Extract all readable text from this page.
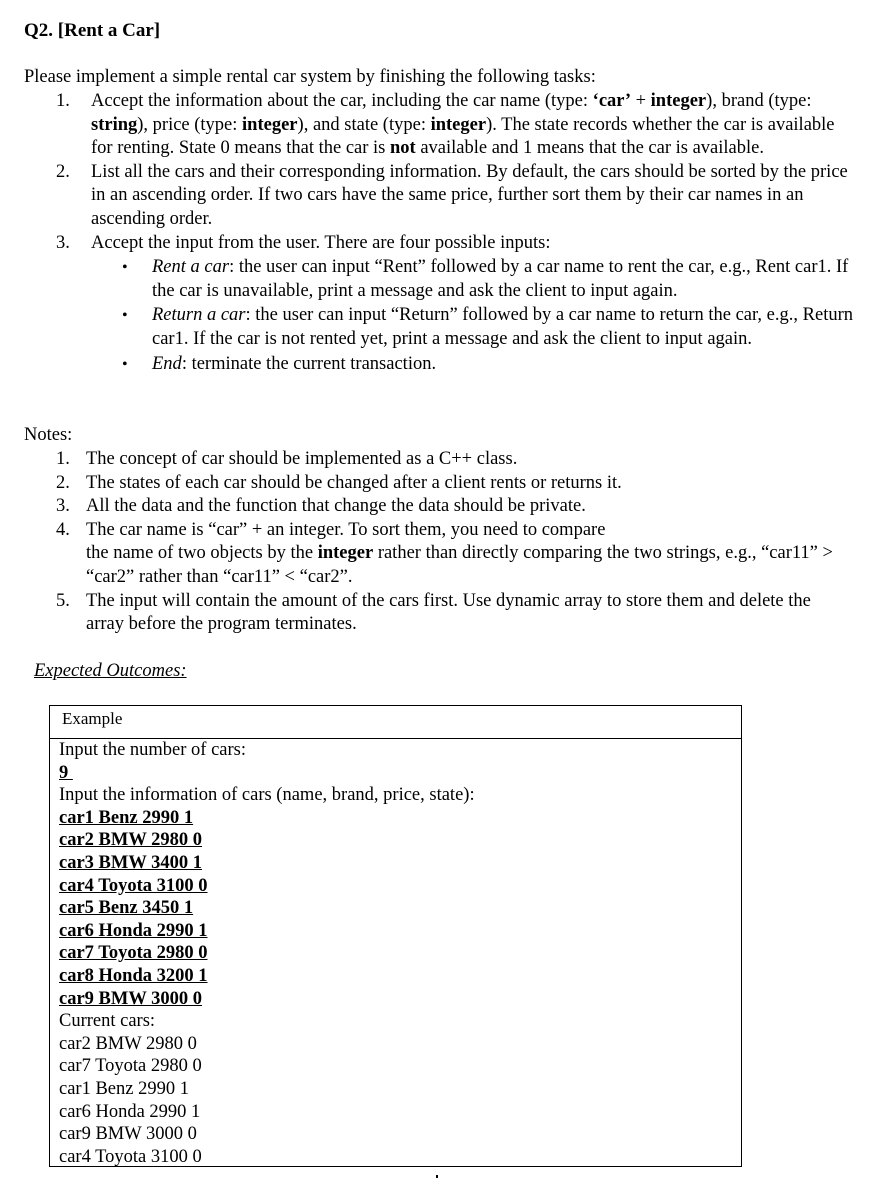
Q2. [Rent a Car]
Please implement a simple rental car system by finishing the following tasks:
1. Accept the information about the car, including the car name (type: ‘car’ + integer), brand (type: string), price (type: integer), and state (type: integer). The state records whether the car is available for renting. State 0 means that the car is not available and 1 means that the car is available.
2. List all the cars and their corresponding information. By default, the cars should be sorted by the price in an ascending order. If two cars have the same price, further sort them by their car names in an ascending order.
3. Accept the input from the user. There are four possible inputs:
• Rent a car: the user can input “Rent” followed by a car name to rent the car, e.g., Rent car1. If the car is unavailable, print a message and ask the client to input again.
• Return a car: the user can input “Return” followed by a car name to return the car, e.g., Return car1. If the car is not rented yet, print a message and ask the client to input again.
• End: terminate the current transaction.
Notes:
1. The concept of car should be implemented as a C++ class.
2. The states of each car should be changed after a client rents or returns it.
3. All the data and the function that change the data should be private.
4. The car name is “car” + an integer. To sort them, you need to compare
the name of two objects by the integer rather than directly comparing the two strings, e.g., “car11” > “car2” rather than “car11” < “car2”.
5. The input will contain the amount of the cars first. Use dynamic array to store them and delete the array before the program terminates.
Expected Outcomes:
Example
Input the number of cars:
9
Input the information of cars (name, brand, price, state):
car1 Benz 2990 1
car2 BMW 2980 0
car3 BMW 3400 1
car4 Toyota 3100 0
car5 Benz 3450 1
car6 Honda 2990 1
car7 Toyota 2980 0
car8 Honda 3200 1
car9 BMW 3000 0
Current cars:
car2 BMW 2980 0
car7 Toyota 2980 0
car1 Benz 2990 1
car6 Honda 2990 1
car9 BMW 3000 0
car4 Toyota 3100 0
